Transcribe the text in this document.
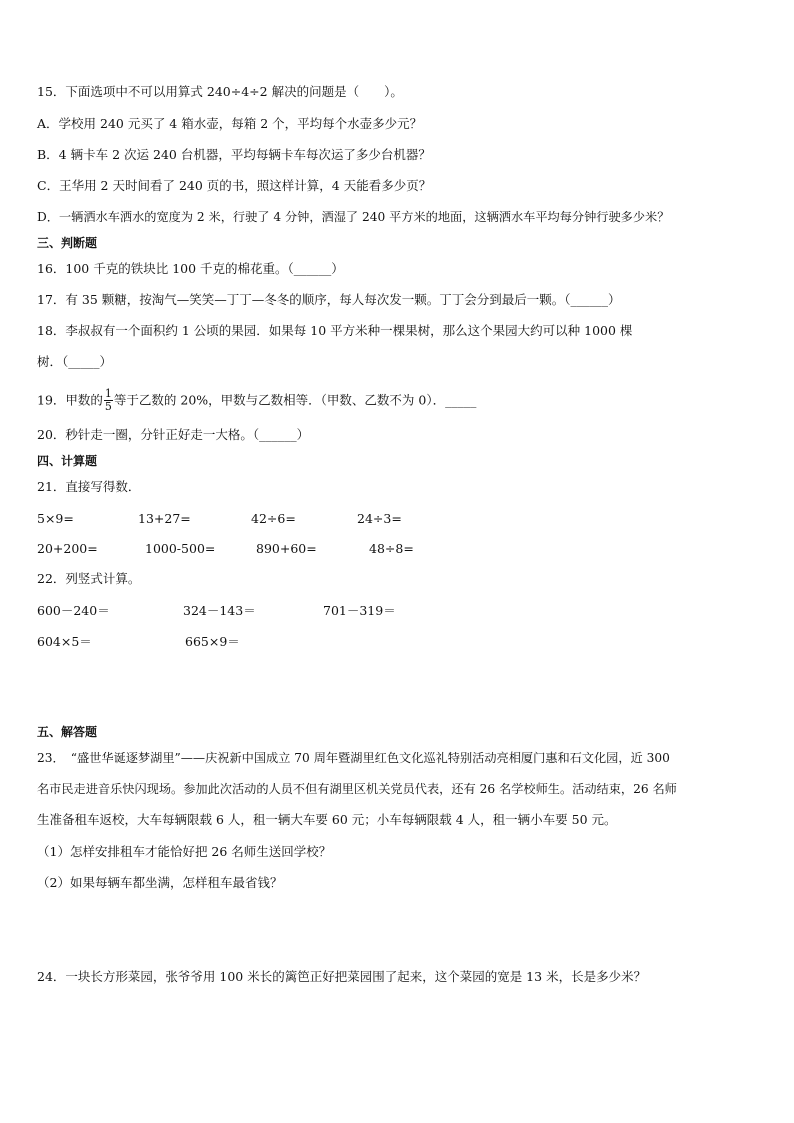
15．下面选项中不可以用算式 240÷4÷2 解决的问题是（　　）。
A．学校用 240 元买了 4 箱水壶，每箱 2 个，平均每个水壶多少元？
B．4 辆卡车 2 次运 240 台机器，平均每辆卡车每次运了多少台机器？
C．王华用 2 天时间看了 240 页的书，照这样计算，4 天能看多少页？
D．一辆洒水车洒水的宽度为 2 米，行驶了 4 分钟，洒湿了 240 平方米的地面，这辆洒水车平均每分钟行驶多少米？
三、判断题
16．100 千克的铁块比 100 千克的棉花重。（______）
17．有 35 颗糖，按淘气—笑笑—丁丁—冬冬的顺序，每人每次发一颗。丁丁会分到最后一颗。（______）
18．李叔叔有一个面积约 1 公顷的果园．如果每 10 平方米种一棵果树，那么这个果园大约可以种 1000 棵
树．（_____）
19．甲数的 $\frac{1}{5}$ 等于乙数的 20%，甲数与乙数相等．（甲数、乙数不为 0）．_____
20．秒针走一圈，分针正好走一大格。（______）
四、计算题
21．直接写得数．
5×9=	13+27=	42÷6=	24÷3=
20+200=	1000-500=	890+60=	48÷8=
22．列竖式计算。
600－240＝	324－143＝	701－319＝
604×5＝	665×9＝
五、解答题
23．　“盛世华诞逐梦湖里”——庆祝新中国成立 70 周年暨湖里红色文化巡礼特别活动亮相厦门惠和石文化园，近 300
名市民走进音乐快闪现场。参加此次活动的人员不但有湖里区机关党员代表，还有 26 名学校师生。活动结束，26 名师
生准备租车返校，大车每辆限载 6 人，租一辆大车要 60 元；小车每辆限载 4 人，租一辆小车要 50 元。
（1）怎样安排租车才能恰好把 26 名师生送回学校？
（2）如果每辆车都坐满，怎样租车最省钱？
24．一块长方形菜园，张爷爷用 100 米长的篱笆正好把菜园围了起来，这个菜园的宽是 13 米，长是多少米？
